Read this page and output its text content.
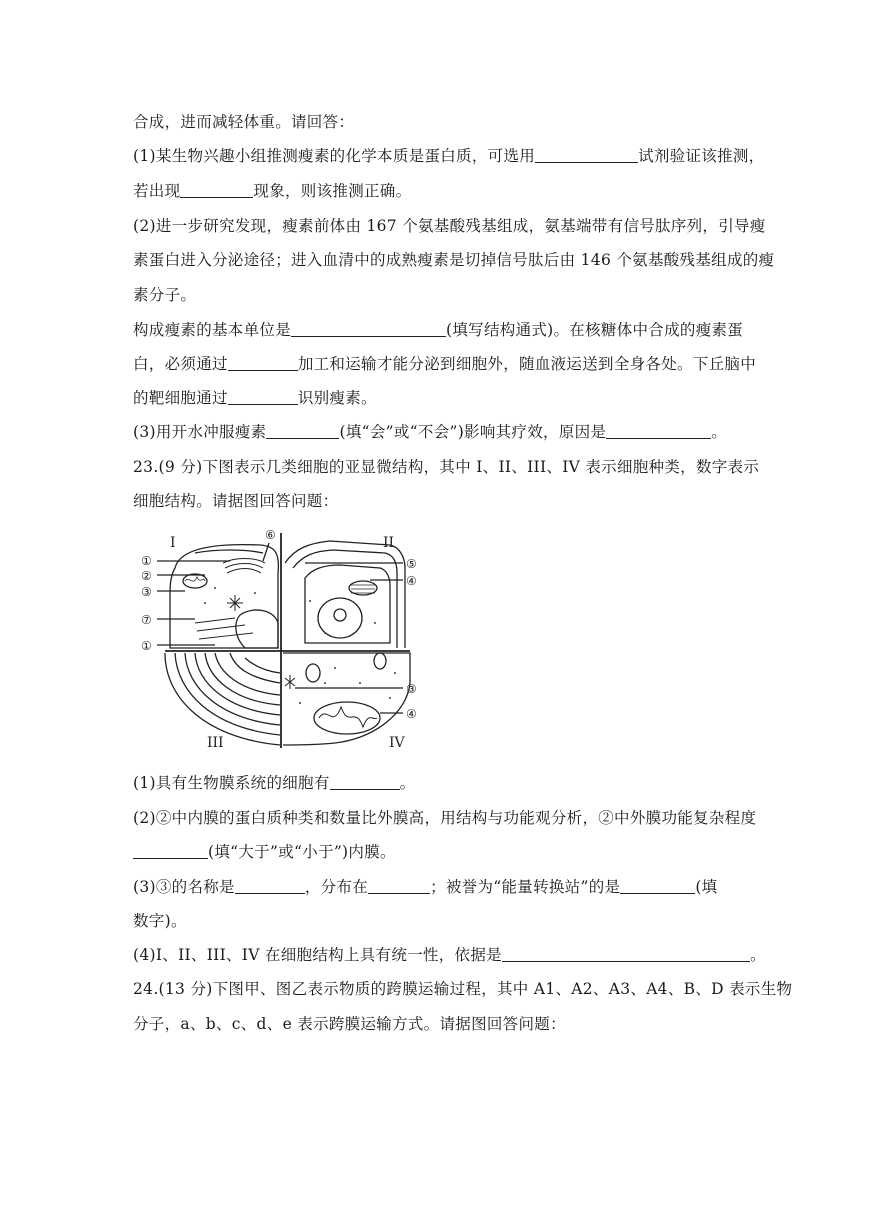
合成，进而减轻体重。请回答：
(1)某生物兴趣小组推测瘦素的化学本质是蛋白质，可选用	试剂验证该推测，
若出现	现象，则该推测正确。
(2)进一步研究发现，瘦素前体由 167 个氨基酸残基组成，氨基端带有信号肽序列，引导瘦
素蛋白进入分泌途径；进入血清中的成熟瘦素是切掉信号肽后由 146 个氨基酸残基组成的瘦
素分子。
构成瘦素的基本单位是	(填写结构通式)。在核糖体中合成的瘦素蛋
白，必须通过	加工和运输才能分泌到细胞外，随血液运送到全身各处。下丘脑中
的靶细胞通过	识别瘦素。
(3)用开水冲服瘦素	(填“会”或“不会”)影响其疗效，原因是	。
23.(9 分)下图表示几类细胞的亚显微结构，其中 I、II、III、IV 表示细胞种类，数字表示
细胞结构。请据图回答问题：
I	II
III	IV
①
②
③
⑦
①
⑥
⑤
④
③
④
(1)具有生物膜系统的细胞有	。
(2)②中内膜的蛋白质种类和数量比外膜高，用结构与功能观分析，②中外膜功能复杂程度
(填“大于”或“小于”)内膜。
(3)③的名称是	，分布在	；被誉为“能量转换站”的是	(填
数字)。
(4)I、II、III、IV 在细胞结构上具有统一性，依据是	。
24.(13 分)下图甲、图乙表示物质的跨膜运输过程，其中 A1、A2、A3、A4、B、D 表示生物
分子，a、b、c、d、e 表示跨膜运输方式。请据图回答问题：
